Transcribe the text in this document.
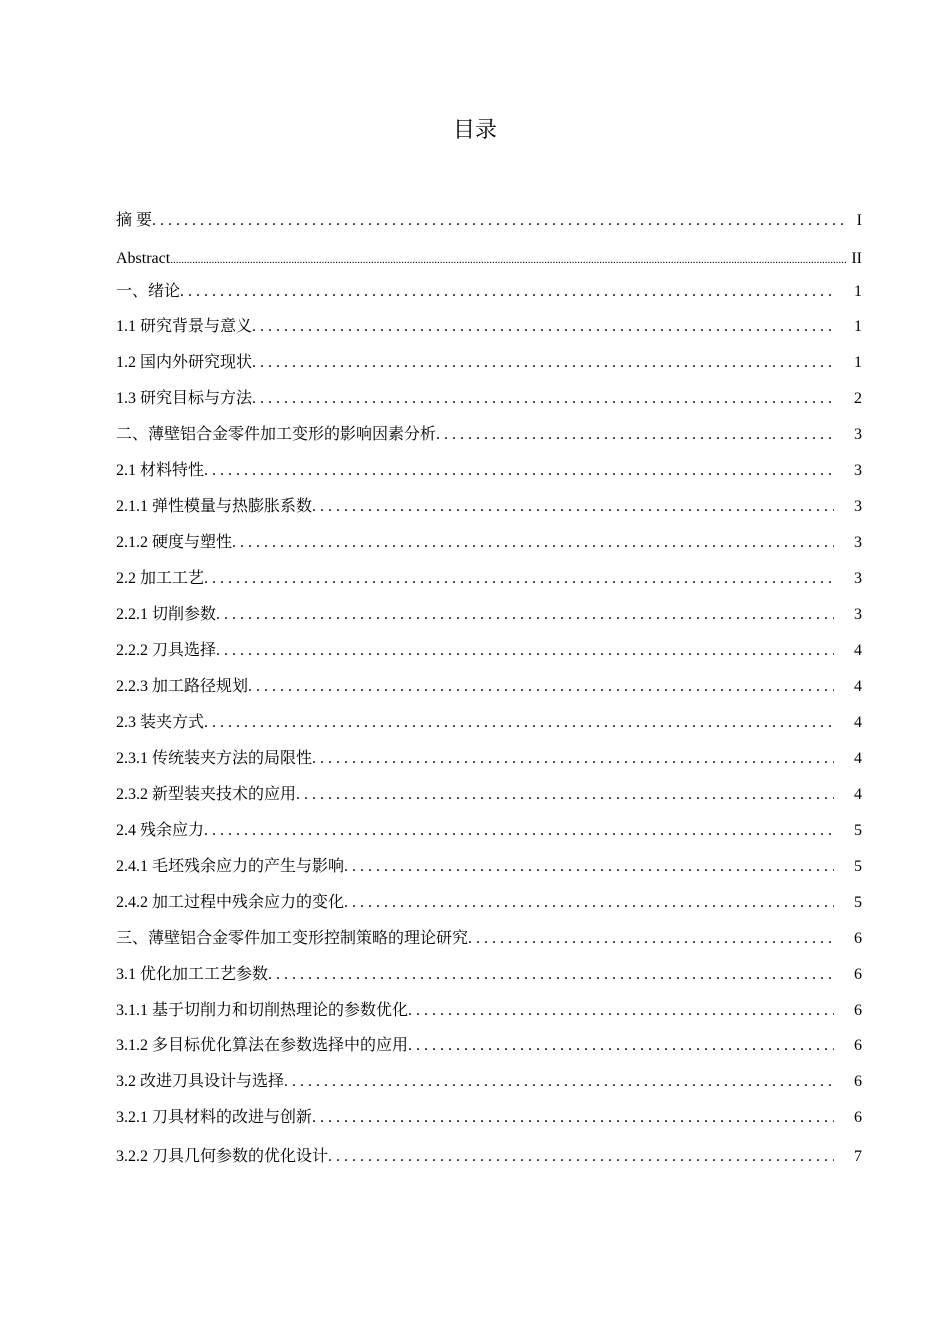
目录
摘 要 . . .	I
Abstract .....	II
一、绪论 . . .	1
1.1 研究背景与意义 . . .	1
1.2 国内外研究现状 . . .	1
1.3 研究目标与方法 . . .	2
二、薄壁铝合金零件加工变形的影响因素分析 . . .	3
2.1 材料特性 . . .	3
2.1.1 弹性模量与热膨胀系数 . . .	3
2.1.2 硬度与塑性 . . .	3
2.2 加工工艺 . . .	3
2.2.1 切削参数 . . .	3
2.2.2 刀具选择 . . .	4
2.2.3 加工路径规划 . . .	4
2.3 装夹方式 . . .	4
2.3.1 传统装夹方法的局限性 . . .	4
2.3.2 新型装夹技术的应用 . . .	4
2.4 残余应力 . . .	5
2.4.1 毛坯残余应力的产生与影响 . . .	5
2.4.2 加工过程中残余应力的变化 . . .	5
三、薄壁铝合金零件加工变形控制策略的理论研究 . . .	6
3.1 优化加工工艺参数 . . .	6
3.1.1 基于切削力和切削热理论的参数优化 . . .	6
3.1.2 多目标优化算法在参数选择中的应用 . . .	6
3.2 改进刀具设计与选择 . . .	6
3.2.1 刀具材料的改进与创新 . . .	6
3.2.2 刀具几何参数的优化设计 . . .	7
